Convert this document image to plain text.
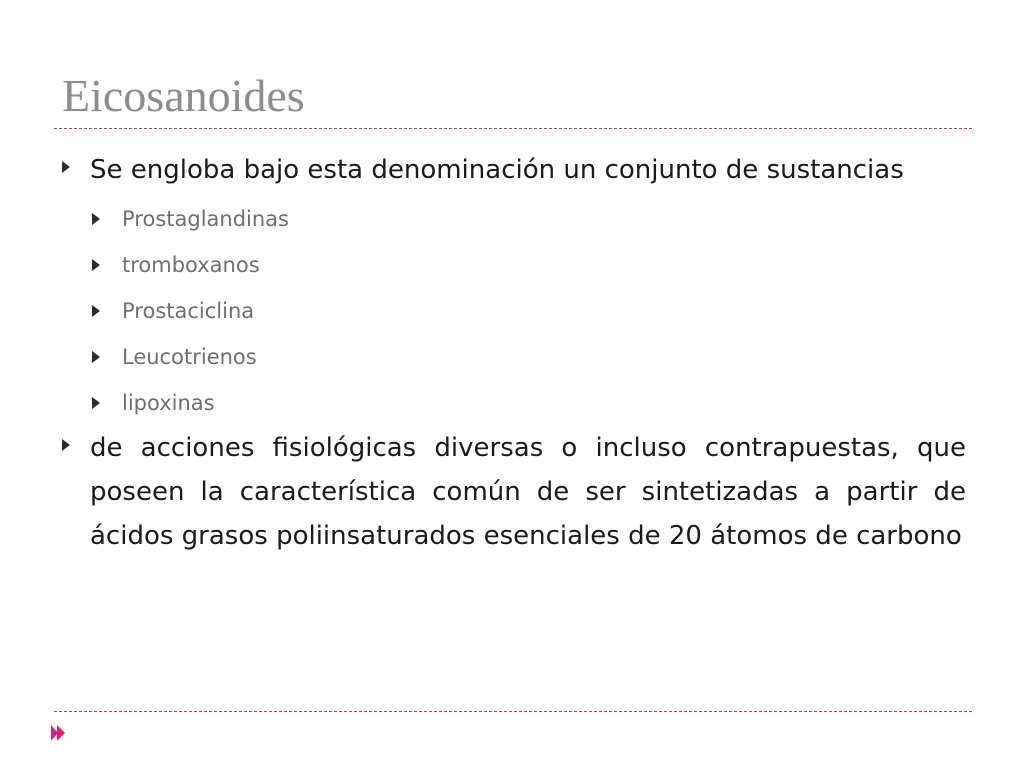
Eicosanoides
Se engloba bajo esta denominación un conjunto de sustancias
Prostaglandinas
tromboxanos
Prostaciclina
Leucotrienos
lipoxinas
de acciones fisiológicas diversas o incluso contrapuestas, que poseen la característica común de ser sintetizadas a partir de ácidos grasos poliinsaturados esenciales de 20 átomos de carbono
